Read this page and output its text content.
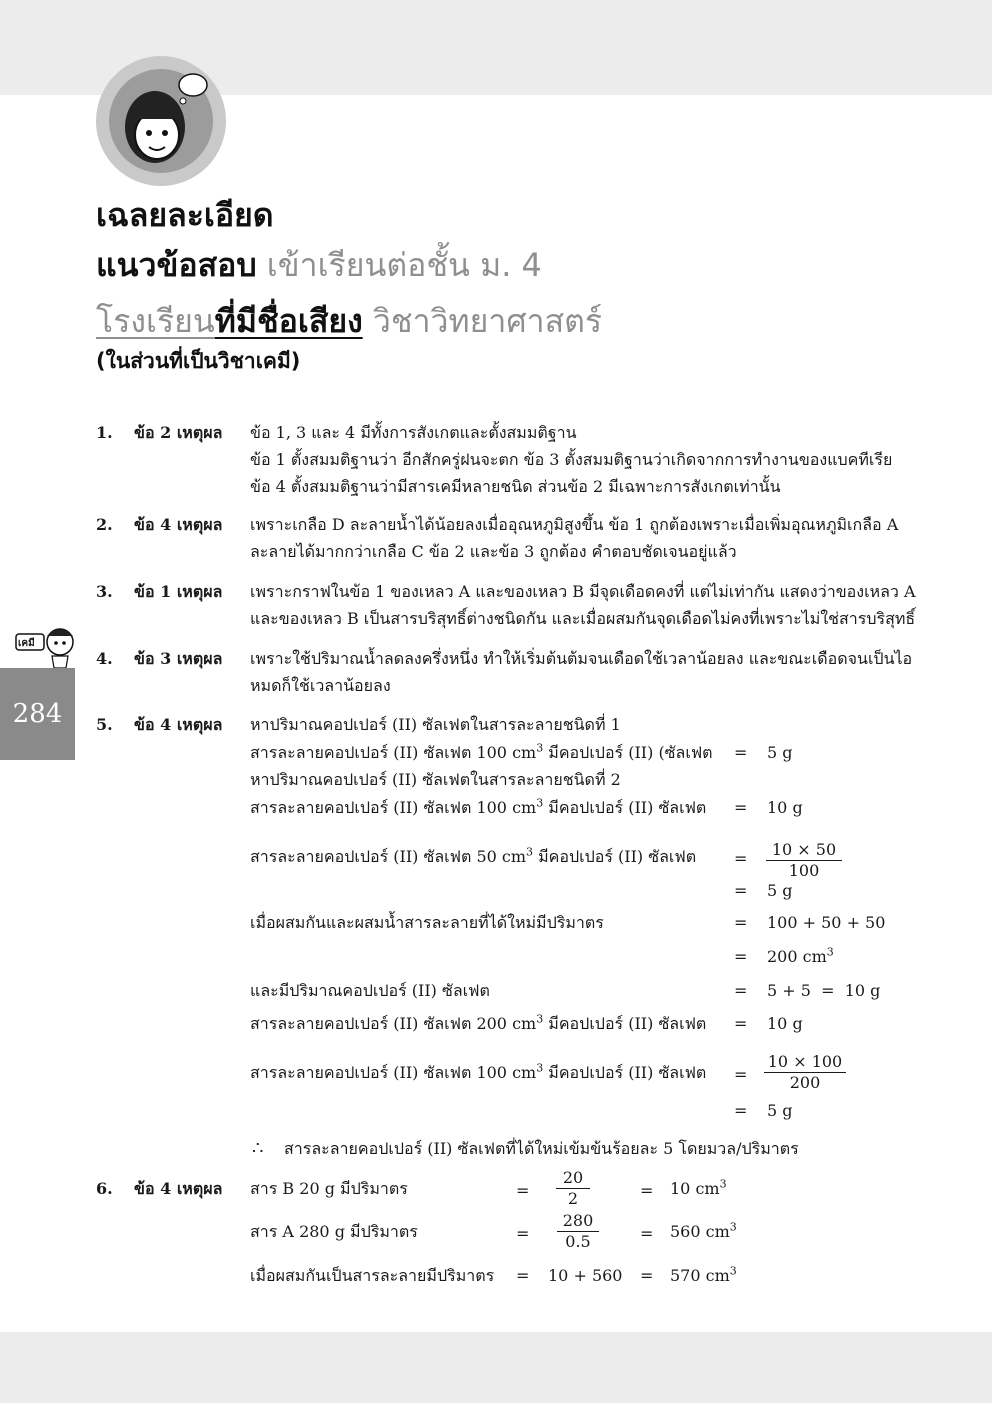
เคมี
284
เฉลยละเอียด
แนวข้อสอบ เข้าเรียนต่อชั้น ม. 4
โรงเรียนที่มีชื่อเสียง วิชาวิทยาศาสตร์
(ในส่วนที่เป็นวิชาเคมี)
1. ข้อ 2 เหตุผล ข้อ 1, 3 และ 4 มีทั้งการสังเกตและตั้งสมมติฐาน
ข้อ 1 ตั้งสมมติฐานว่า อีกสักครู่ฝนจะตก ข้อ 3 ตั้งสมมติฐานว่าเกิดจากการทำงานของแบคทีเรีย
ข้อ 4 ตั้งสมมติฐานว่ามีสารเคมีหลายชนิด ส่วนข้อ 2 มีเฉพาะการสังเกตเท่านั้น
2. ข้อ 4 เหตุผล เพราะเกลือ D ละลายน้ำได้น้อยลงเมื่ออุณหภูมิสูงขึ้น ข้อ 1 ถูกต้องเพราะเมื่อเพิ่มอุณหภูมิเกลือ A
ละลายได้มากกว่าเกลือ C ข้อ 2 และข้อ 3 ถูกต้อง คำตอบชัดเจนอยู่แล้ว
3. ข้อ 1 เหตุผล เพราะกราฟในข้อ 1 ของเหลว A และของเหลว B มีจุดเดือดคงที่ แต่ไม่เท่ากัน แสดงว่าของเหลว A
และของเหลว B เป็นสารบริสุทธิ์ต่างชนิดกัน และเมื่อผสมกันจุดเดือดไม่คงที่เพราะไม่ใช่สารบริสุทธิ์
4. ข้อ 3 เหตุผล เพราะใช้ปริมาณน้ำลดลงครึ่งหนึ่ง ทำให้เริ่มต้นต้มจนเดือดใช้เวลาน้อยลง และขณะเดือดจนเป็นไอ
หมดก็ใช้เวลาน้อยลง
5. ข้อ 4 เหตุผล หาปริมาณคอปเปอร์ (II) ซัลเฟตในสารละลายชนิดที่ 1
สารละลายคอปเปอร์ (II) ซัลเฟต 100 $cm^3$ มีคอปเปอร์ (II) (ซัลเฟต = 5 g
หาปริมาณคอปเปอร์ (II) ซัลเฟตในสารละลายชนิดที่ 2
สารละลายคอปเปอร์ (II) ซัลเฟต 100 $cm^3$ มีคอปเปอร์ (II) ซัลเฟต = 10 g
สารละลายคอปเปอร์ (II) ซัลเฟต 50 $cm^3$ มีคอปเปอร์ (II) ซัลเฟต = $\frac{10 \times 50}{100}$
= 5 g
เมื่อผสมกันและผสมน้ำสารละลายที่ได้ใหม่มีปริมาตร	= 100 + 50 + 50
= 200 $cm^3$
และมีปริมาณคอปเปอร์ (II) ซัลเฟต	= 5 + 5  =  10 g
สารละลายคอปเปอร์ (II) ซัลเฟต 200 $cm^3$ มีคอปเปอร์ (II) ซัลเฟต = 10 g
สารละลายคอปเปอร์ (II) ซัลเฟต 100 $cm^3$ มีคอปเปอร์ (II) ซัลเฟต = $\frac{10 \times 100}{200}$
= 5 g
∴ สารละลายคอปเปอร์ (II) ซัลเฟตที่ได้ใหม่เข้มข้นร้อยละ 5 โดยมวล/ปริมาตร
6. ข้อ 4 เหตุผล สาร B 20 g มีปริมาตร	= $\frac{20}{2}$	= 10 $cm^3$
สาร A 280 g มีปริมาตร	= $\frac{280}{0.5}$	= 560 $cm^3$
เมื่อผสมกันเป็นสารละลายมีปริมาตร = 10 + 560 = 570 $cm^3$
